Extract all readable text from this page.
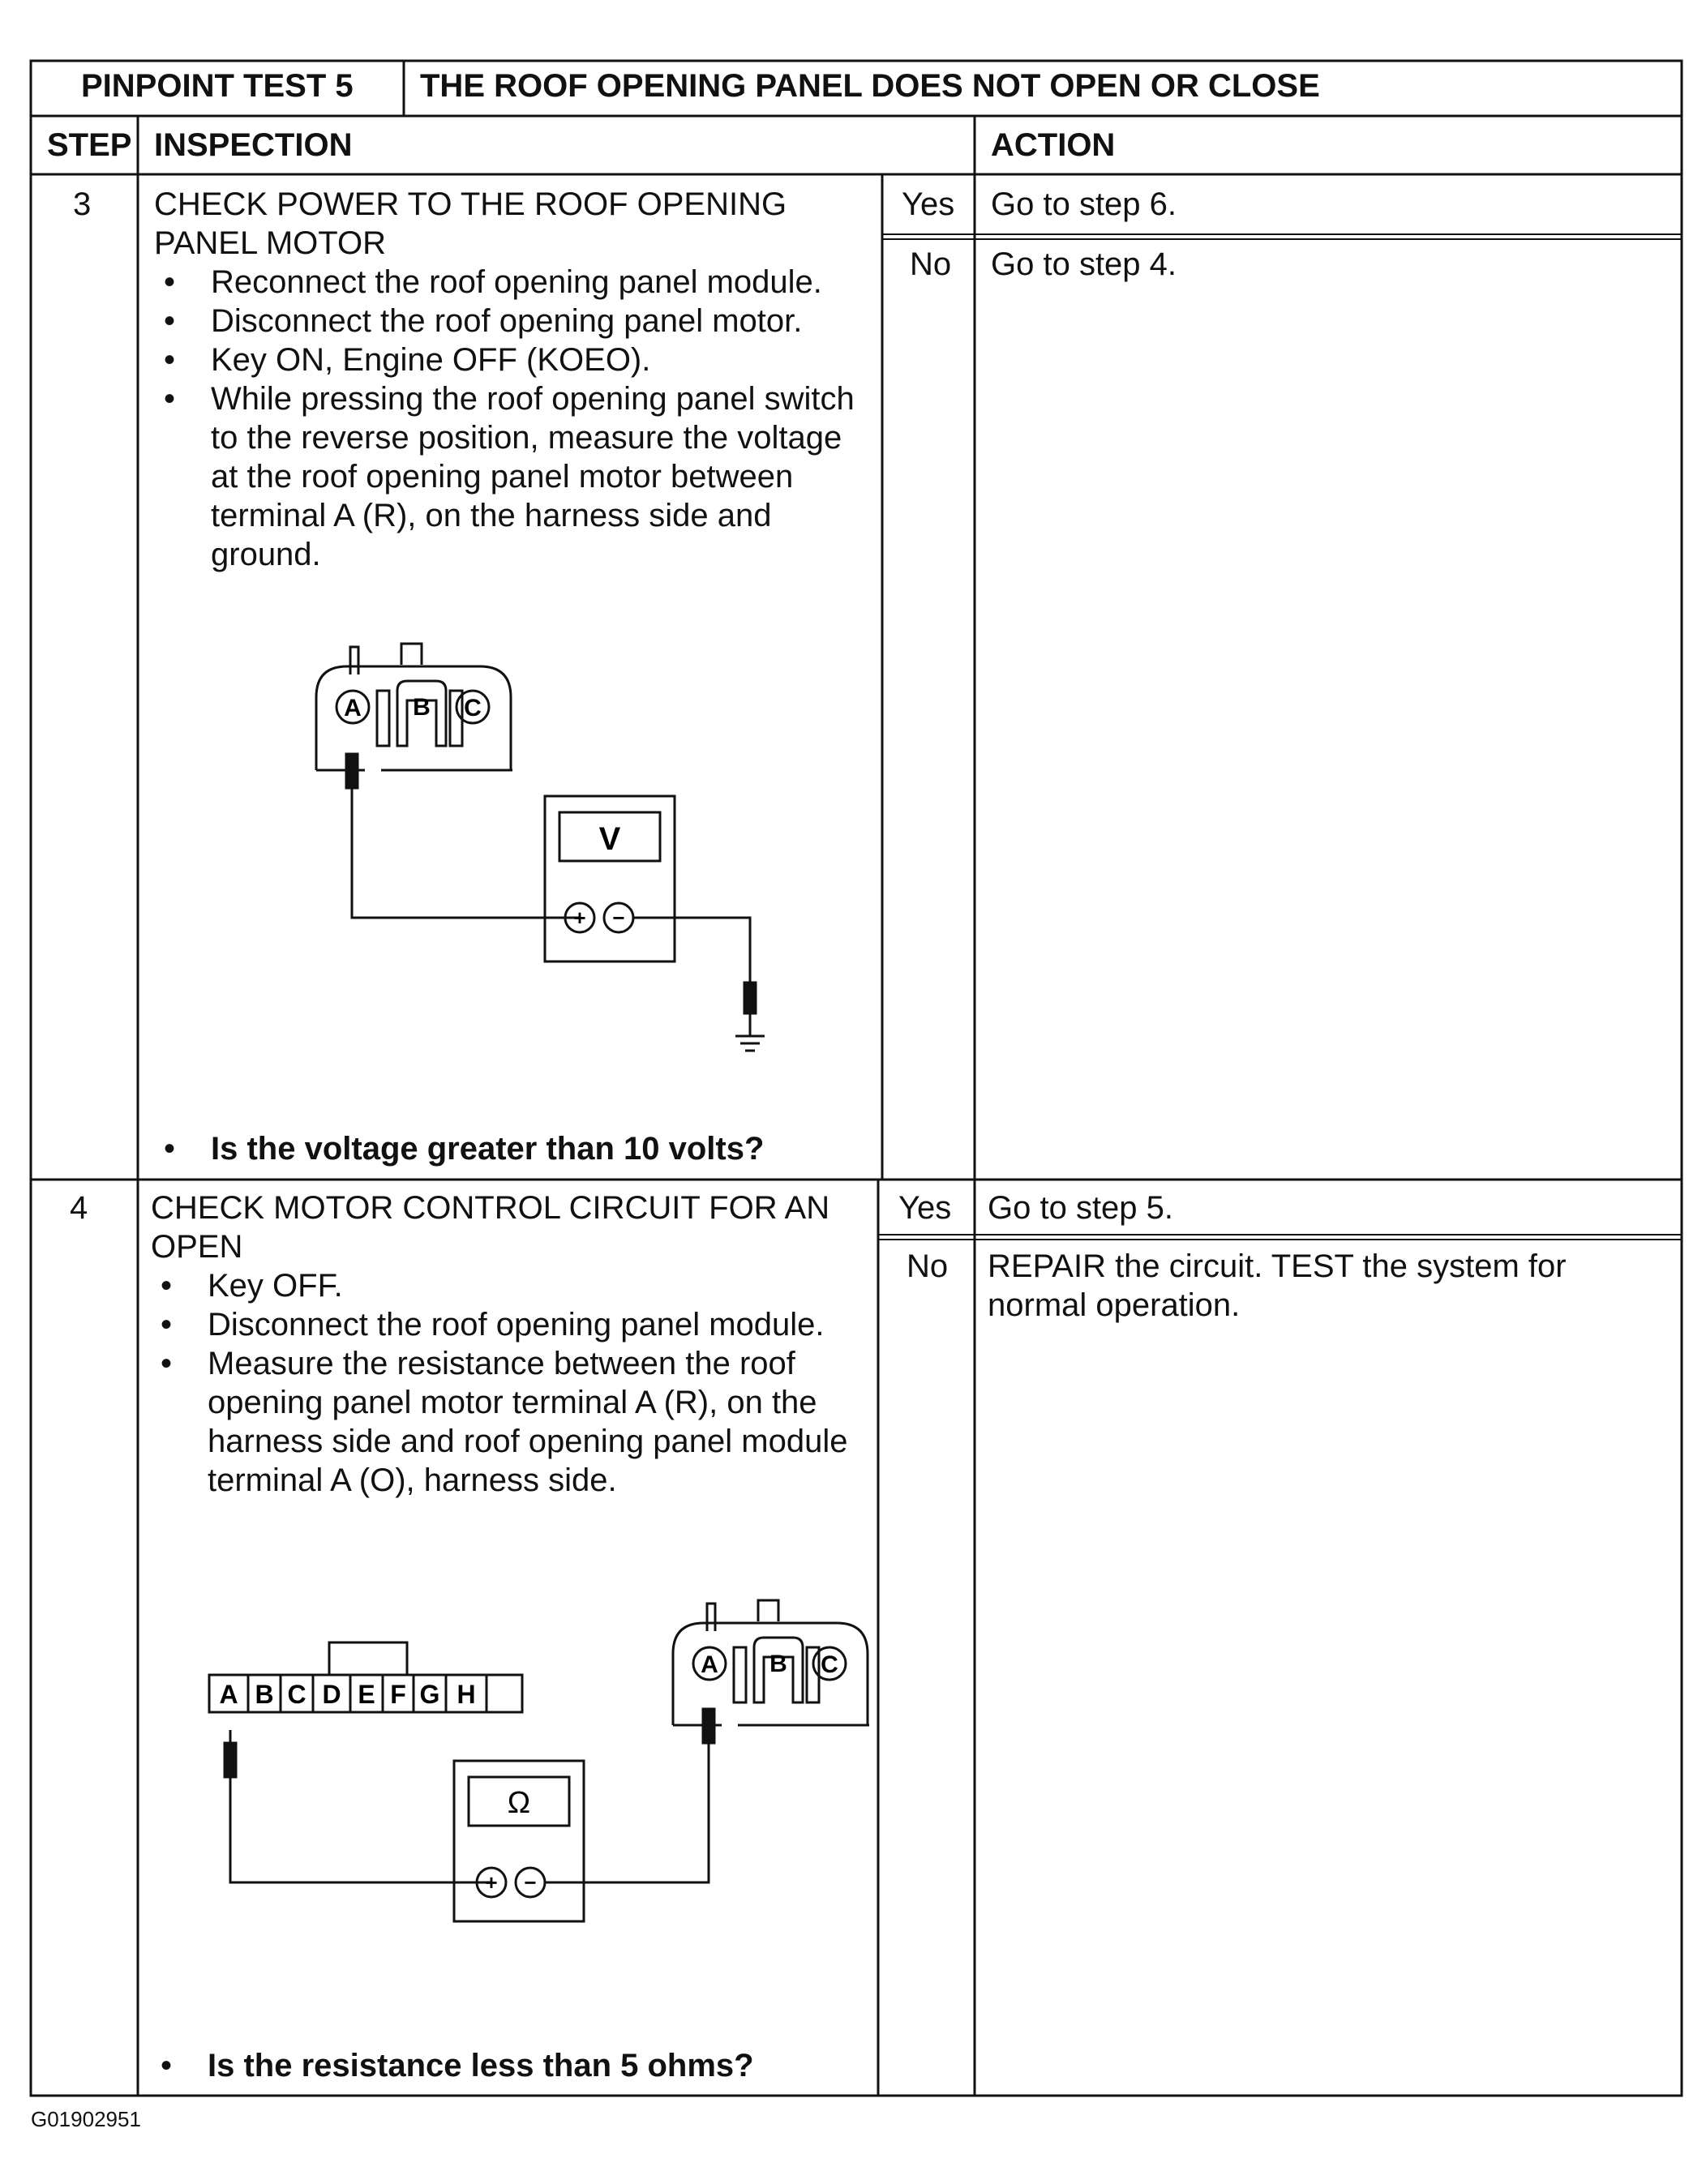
PINPOINT TEST 5 THE ROOF OPENING PANEL DOES NOT OPEN OR CLOSE
STEP INSPECTION	ACTION
3 CHECK POWER TO THE ROOF OPENING
PANEL MOTOR
• Reconnect the roof opening panel module.
• Disconnect the roof opening panel motor.
• Key ON, Engine OFF (KOEO).
• While pressing the roof opening panel switch to the reverse position, measure the voltage at the roof opening panel motor between terminal A (R), on the harness side and ground.
A B C
V
+ −
• Is the voltage greater than 10 volts?
Yes Go to step 6.
No Go to step 4.
4 CHECK MOTOR CONTROL CIRCUIT FOR AN
OPEN
• Key OFF.
• Disconnect the roof opening panel module.
• Measure the resistance between the roof opening panel motor terminal A (R), on the harness side and roof opening panel module terminal A (O), harness side.
A B C D E F G H
A B C
Ω
+ −
• Is the resistance less than 5 ohms?
Yes Go to step 5.
No REPAIR the circuit. TEST the system for
normal operation.
G01902951
